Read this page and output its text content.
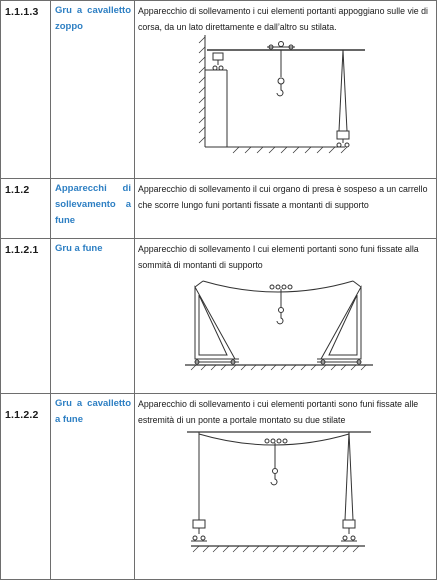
1.1.1.3	Gru a cavalletto zoppo	Apparecchio di sollevamento i cui elementi portanti appoggiano sulle vie di corsa, da un lato direttamente e dall’altro su stilata.

1.1.2	Apparecchi di sollevamento a fune	Apparecchio di sollevamento il cui organo di presa è sospeso a un carrello che scorre lungo funi portanti fissate a montanti di supporto

1.1.2.1	Gru a fune	Apparecchio di sollevamento I cui elementi portanti sono funi fissate alla sommità di montanti di supporto

1.1.2.2	Gru a cavalletto a fune	Apparecchio di sollevamento i cui elementi portanti sono funi fissate alle estremità di un ponte a portale montato su due stilate
